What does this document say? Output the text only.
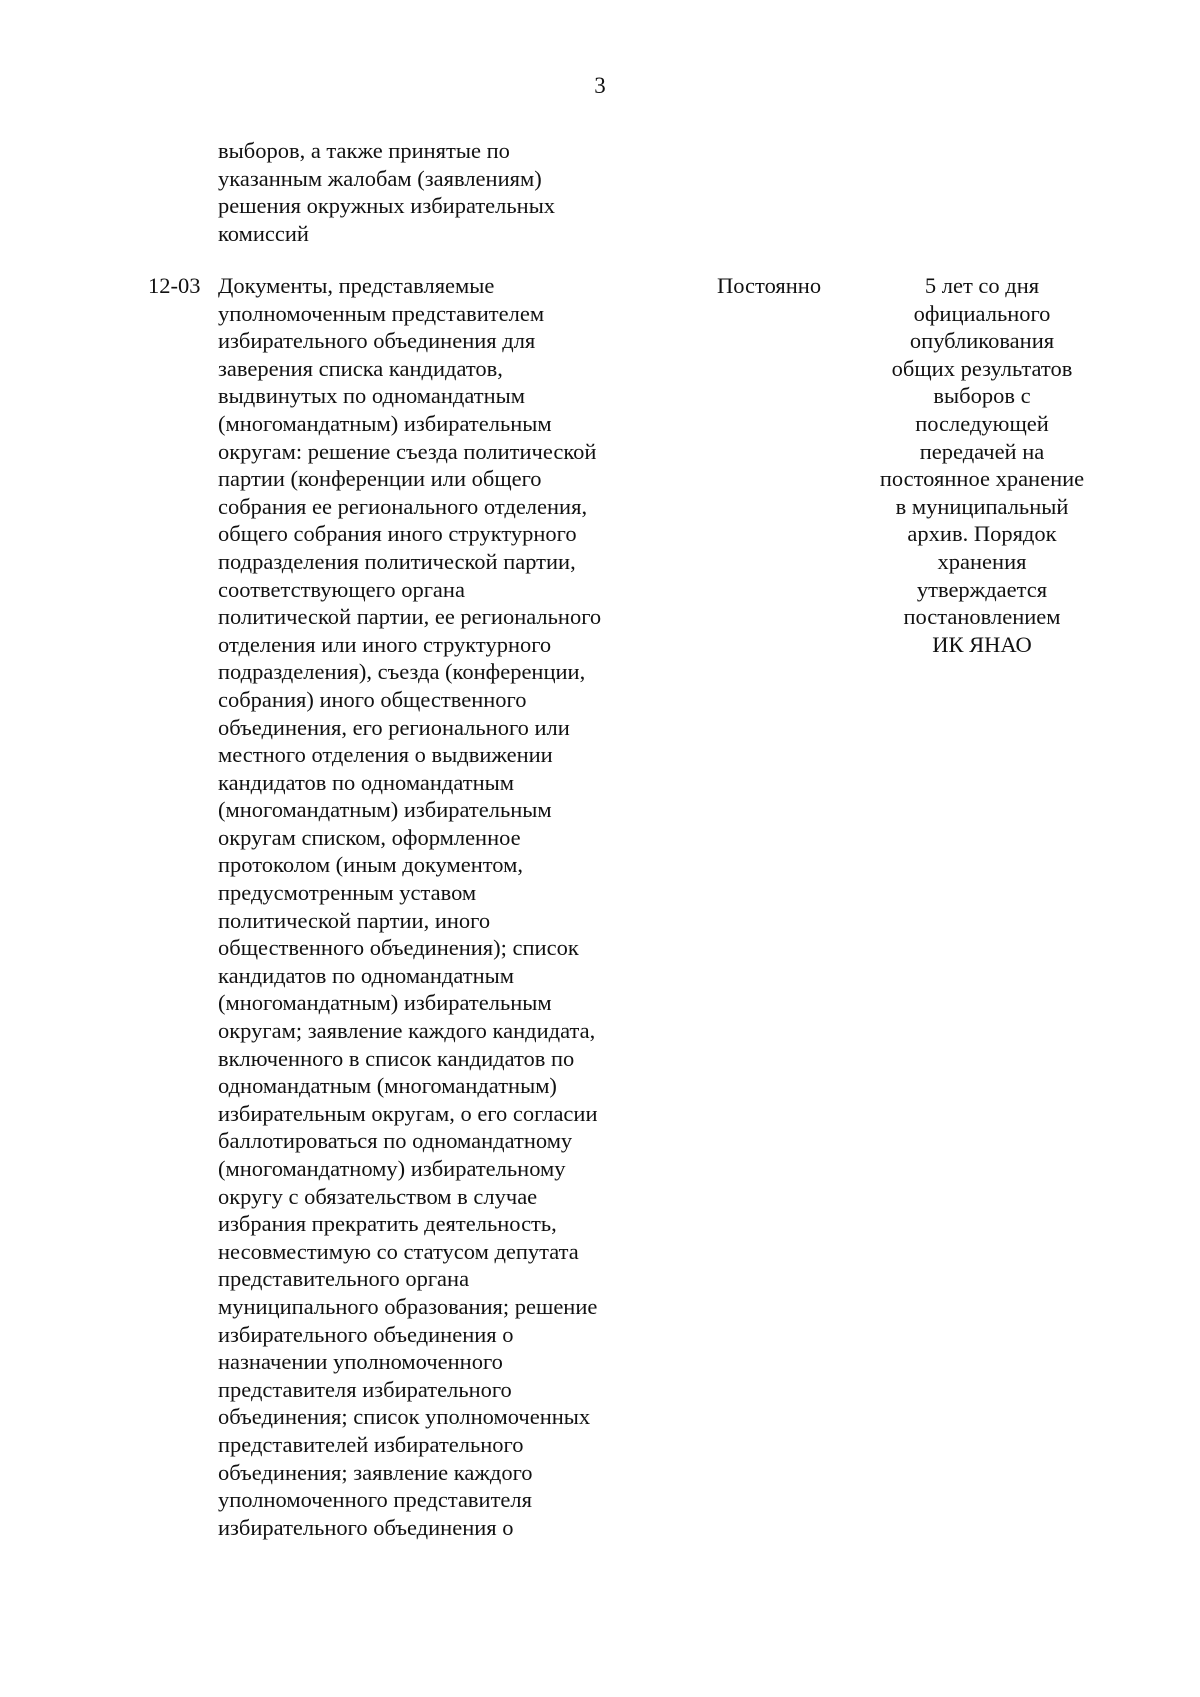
3
выборов, а также принятые по
указанным жалобам (заявлениям)
решения окружных избирательных
комиссий
12-03 Документы, представляемые
уполномоченным представителем
избирательного объединения для
заверения списка кандидатов,
выдвинутых по одномандатным
(многомандатным) избирательным
округам: решение съезда политической
партии (конференции или общего
собрания ее регионального отделения,
общего собрания иного структурного
подразделения политической партии,
соответствующего органа
политической партии, ее регионального
отделения или иного структурного
подразделения), съезда (конференции,
собрания) иного общественного
объединения, его регионального или
местного отделения о выдвижении
кандидатов по одномандатным
(многомандатным) избирательным
округам списком, оформленное
протоколом (иным документом,
предусмотренным уставом
политической партии, иного
общественного объединения); список
кандидатов по одномандатным
(многомандатным) избирательным
округам; заявление каждого кандидата,
включенного в список кандидатов по
одномандатным (многомандатным)
избирательным округам, о его согласии
баллотироваться по одномандатному
(многомандатному) избирательному
округу с обязательством в случае
избрания прекратить деятельность,
несовместимую со статусом депутата
представительного органа
муниципального образования; решение
избирательного объединения о
назначении уполномоченного
представителя избирательного
объединения; список уполномоченных
представителей избирательного
объединения; заявление каждого
уполномоченного представителя
избирательного объединения о
Постоянно	5 лет со дня
официального
опубликования
общих результатов
выборов с
последующей
передачей на
постоянное хранение
в муниципальный
архив. Порядок
хранения
утверждается
постановлением
ИК ЯНАО
